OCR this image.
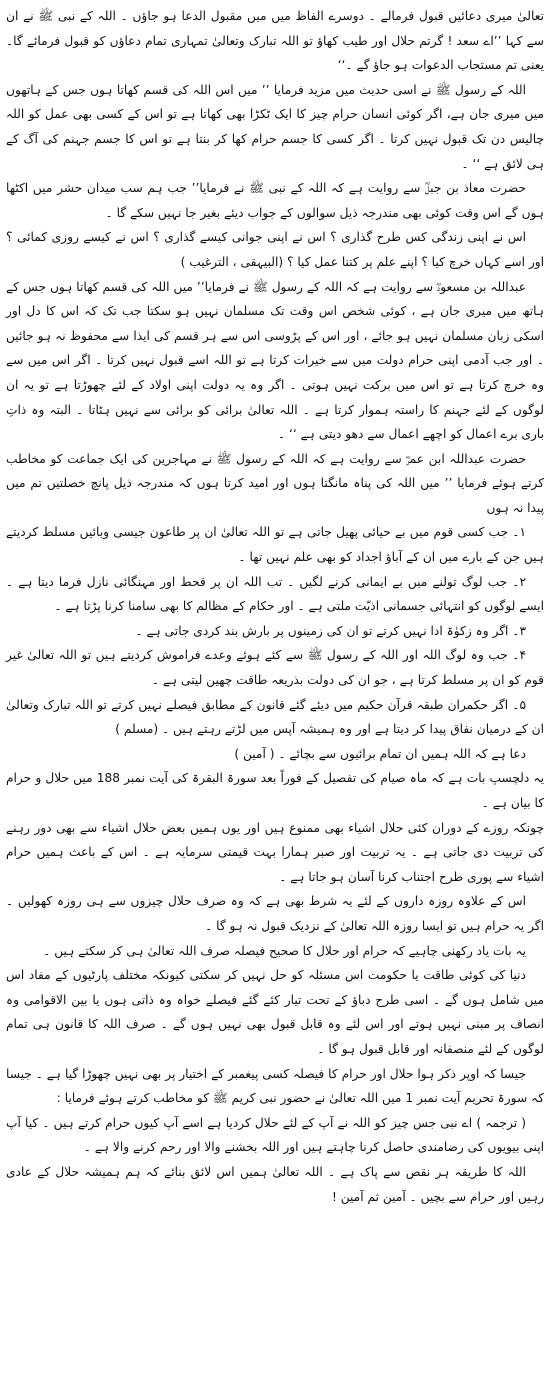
تعالیٰ میری دعائیں قبول فرمالے ۔ دوسرے الفاظ میں میں مقبول الدعا ہو جاؤں ۔ اللہ کے نبی ﷺ نے ان سے کہا ’’اے سعد ! گرتم حلال اور طیب کھاؤ تو اللہ تبارک وتعالیٰ تمہاری تمام دعاؤں کو قبول فرمائے گا۔ یعنی تم مستجاب الدعوات ہو جاؤ گے ۔‘‘

اللہ کے رسول ﷺ نے اسی حدیث میں مزید فرمایا ’’ میں اس اللہ کی قسم کھاتا ہوں جس کے ہاتھوں میں میری جان ہے، اگر کوئی انسان حرام چیز کا ایک ٹکڑا بھی کھاتا ہے تو اس کے کسی بھی عمل کو اللہ چالیس دن تک قبول نہیں کرتا ۔ اگر کسی کا جسم حرام کھا کر بنتا ہے تو اس کا جسم جہنم کی آگ کے ہی لائق ہے ‘‘ ۔

حضرت معاذ بن جبلؓ سے روایت ہے کہ اللہ کے نبی ﷺ نے فرمایا’’ جب ہم سب میدان حشر میں اکٹھا ہوں گے اس وقت کوئی بھی مندرجہ ذیل سوالوں کے جواب دیئے بغیر جا نہیں سکے گا ۔

اس نے اپنی زندگی کس طرح گذاری ؟ اس نے اپنی جوانی کیسے گذاری ؟ اس نے کیسے روزی کمائی ؟ اور اسے کہاں خرچ کیا ؟ اپنے علم پر کتنا عمل کیا ؟ (البیہقی ، الترغیب )

عبداللہ بن مسعودؓ سے روایت ہے کہ اللہ کے رسول ﷺ نے فرمایا’’ میں اللہ کی قسم کھاتا ہوں جس کے ہاتھ میں میری جان ہے ، کوئی شخص اس وقت تک مسلمان نہیں ہو سکتا جب تک کہ اس کا دل اور اسکی زبان مسلمان نہیں ہو جائے ، اور اس کے پڑوسی اس سے ہر قسم کی ایذا سے محفوظ نہ ہو جائیں ۔ اور جب آدمی اپنی حرام دولت میں سے خیرات کرتا ہے تو اللہ اسے قبول نہیں کرتا ۔ اگر اس میں سے وہ خرچ کرتا ہے تو اس میں برکت نہیں ہوتی ۔ اگر وہ یہ دولت اپنی اولاد کے لئے چھوڑتا ہے تو یہ ان لوگوں کے لئے جہنم کا راستہ ہموار کرتا ہے ۔ اللہ تعالیٰ برائی کو برائی سے نہیں ہٹاتا ۔ البتہ وہ ذاتِ باری برے اعمال کو اچھے اعمال سے دھو دیتی ہے ‘‘ ۔

حضرت عبداللہ ابن عمرؓ سے روایت ہے کہ اللہ کے رسول ﷺ نے مہاجرین کی ایک جماعت کو مخاطب کرتے ہوئے فرمایا ’’ میں اللہ کی پناہ مانگتا ہوں اور امید کرتا ہوں کہ مندرجہ ذیل پانچ خصلتیں تم میں پیدا نہ ہوں

۱۔ جب کسی قوم میں بے حیائی پھیل جاتی ہے تو اللہ تعالیٰ ان پر طاعون جیسی وبائیں مسلط کردیتے ہیں جن کے بارے میں ان کے آباؤ اجداد کو بھی علم نہیں تھا ۔

۲۔ جب لوگ تولنے میں بے ایمانی کرنے لگیں ۔ تب اللہ ان پر قحط اور مہنگائی نازل فرما دیتا ہے ۔ ایسے لوگوں کو انتہائی جسمانی اذیّت ملتی ہے ۔ اور حکام کے مظالم کا بھی سامنا کرنا پڑتا ہے ۔

۳۔ اگر وہ زکوٰۃ ادا نہیں کرتے تو ان کی زمینوں پر بارش بند کردی جاتی ہے ۔

۴۔ جب وہ لوگ اللہ اور اللہ کے رسول ﷺ سے کئے ہوئے وعدے فراموش کردیتے ہیں تو اللہ تعالیٰ غیر قوم کو ان پر مسلط کرتا ہے ، جو ان کی دولت بذریعہ طاقت چھین لیتی ہے ۔

۵۔ اگر حکمران طبقہ قرآن حکیم میں دیئے گئے قانون کے مطابق فیصلے نہیں کرتے تو اللہ تبارک وتعالیٰ ان کے درمیان نفاق پیدا کر دیتا ہے اور وہ ہمیشہ آپس میں لڑتے رہتے ہیں ۔ (مسلم )

دعا ہے کہ اللہ ہمیں ان تمام برائیوں سے بچائے ۔ ( آمین )

یہ دلچسپ بات ہے کہ ماہ صیام کی تفصیل کے فوراً بعد سورۃ البقرۃ کی آیت نمبر 188 میں حلال و حرام کا بیان ہے ۔

چونکہ روزے کے دوران کئی حلال اشیاء بھی ممنوع ہیں اور یوں ہمیں بعض حلال اشیاء سے بھی دور رہنے کی تربیت دی جاتی ہے ۔ یہ تربیت اور صبر ہمارا بہت قیمتی سرمایہ ہے ۔ اس کے باعث ہمیں حرام اشیاء سے پوری طرح اجتناب کرنا آسان ہو جاتا ہے ۔

اس کے علاوہ روزہ داروں کے لئے یہ شرط بھی ہے کہ وہ صرف حلال چیزوں سے ہی روزہ کھولیں ۔ اگر یہ حرام ہیں تو ایسا روزہ اللہ تعالیٰ کے نزدیک قبول نہ ہو گا ۔

یہ بات یاد رکھنی چاہیے کہ حرام اور حلال کا صحیح فیصلہ صرف اللہ تعالیٰ ہی کر سکتے ہیں ۔

دنیا کی کوئی طاقت یا حکومت اس مسئلہ کو حل نہیں کر سکتی کیونکہ مختلف پارٹیوں کے مفاد اس میں شامل ہوں گے ۔ اسی طرح دباؤ کے تحت تیار کئے گئے فیصلے خواہ وہ ذاتی ہوں یا بین الاقوامی وہ انصاف پر مبنی نہیں ہوتے اور اس لئے وہ قابل قبول بھی نہیں ہوں گے ۔ صرف اللہ کا قانون ہی تمام لوگوں کے لئے منصفانہ اور قابل قبول ہو گا ۔

جیسا کہ اوپر ذکر ہوا حلال اور حرام کا فیصلہ کسی پیغمبر کے اختیار پر بھی نہیں چھوڑا گیا ہے ۔ جیسا کہ سورۃ تحریم آیت نمبر 1 میں اللہ تعالیٰ نے حضور نبی کریم ﷺ کو مخاطب کرتے ہوئے فرمایا :

( ترجمہ ) اے نبی جس چیز کو اللہ نے آپ کے لئے حلال کردیا ہے اسے آپ کیوں حرام کرتے ہیں ۔ کیا آپ اپنی بیویوں کی رضامندی حاصل کرنا چاہتے ہیں اور اللہ بخشنے والا اور رحم کرنے والا ہے ۔

اللہ کا طریقہ ہر نقص سے پاک ہے ۔ اللہ تعالیٰ ہمیں اس لائق بنائے کہ ہم ہمیشہ حلال کے عادی رہیں اور حرام سے بچیں ۔ آمین ثم آمین !
